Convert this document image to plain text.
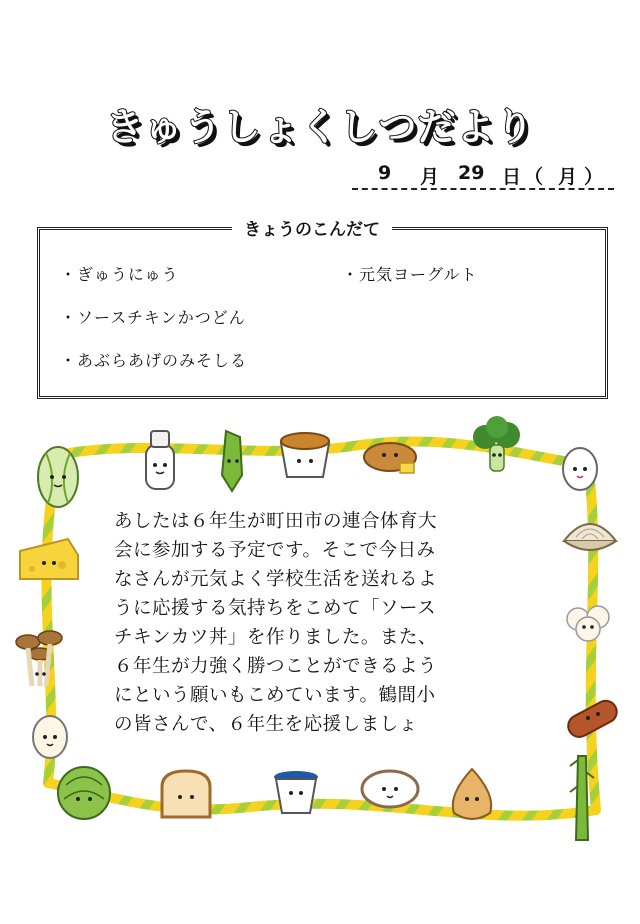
きゅうしょくしつだより
9 月 29 日 （ 月 ）
きょうのこんだて
・ぎゅうにゅう
・ソースチキンかつどん
・あぶらあげのみそしる
・元気ヨーグルト
あしたは６年生が町田市の連合体育大
会に参加する予定です。そこで今日み
なさんが元気よく学校生活を送れるよ
うに応援する気持ちをこめて「ソース
チキンカツ丼」を作りました。また、
６年生が力強く勝つことができるよう
にという願いもこめています。鶴間小
の皆さんで、６年生を応援しましょ
